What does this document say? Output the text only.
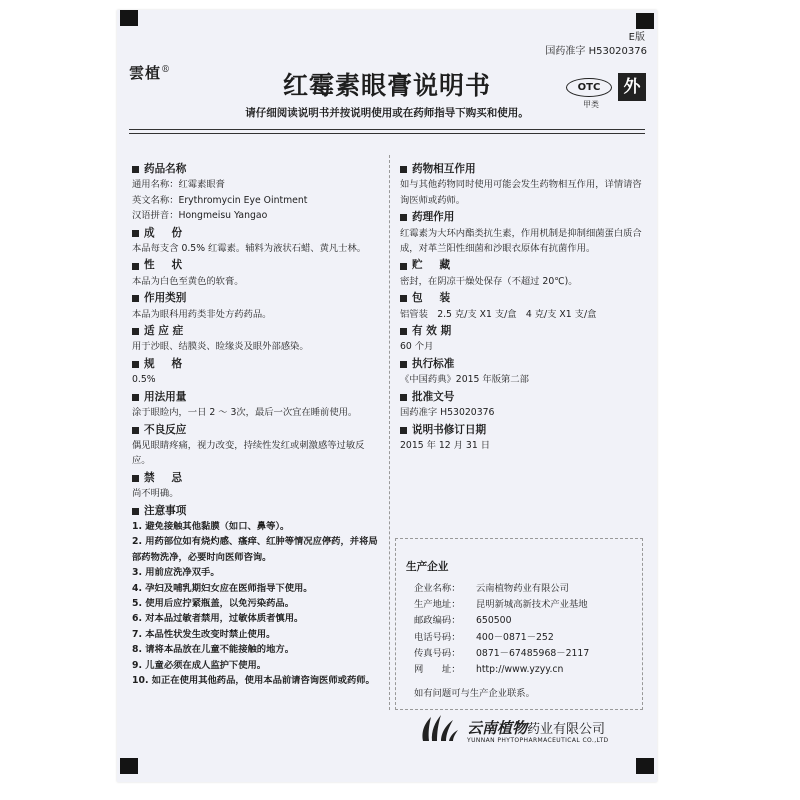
E版
国药准字 H53020376
雲植®
红霉素眼膏说明书	OTC
甲类
外
请仔细阅读说明书并按说明使用或在药师指导下购买和使用。
药品名称
通用名称：红霉素眼膏
英文名称：Erythromycin Eye Ointment
汉语拼音：Hongmeisu Yangao
成　份
本品每支含 0.5% 红霉素。辅料为液状石蜡、黄凡士林。
性　状
本品为白色至黄色的软膏。
作用类别
本品为眼科用药类非处方药药品。
适 应 症
用于沙眼、结膜炎、睑缘炎及眼外部感染。
规　格
0.5%
用法用量
涂于眼睑内，一日 2 ～ 3次，最后一次宜在睡前使用。
不良反应
偶见眼睛疼痛，视力改变，持续性发红或刺激感等过敏反应。
禁　忌
尚不明确。
注意事项
1. 避免接触其他黏膜（如口、鼻等）。
2. 用药部位如有烧灼感、瘙痒、红肿等情况应停药，并将局部药物洗净，必要时向医师咨询。
3. 用前应洗净双手。
4. 孕妇及哺乳期妇女应在医师指导下使用。
5. 使用后应拧紧瓶盖，以免污染药品。
6. 对本品过敏者禁用，过敏体质者慎用。
7. 本品性状发生改变时禁止使用。
8. 请将本品放在儿童不能接触的地方。
9. 儿童必须在成人监护下使用。
10. 如正在使用其他药品，使用本品前请咨询医师或药师。
药物相互作用
如与其他药物同时使用可能会发生药物相互作用，详情请咨询医师或药师。
药理作用
红霉素为大环内酯类抗生素，作用机制是抑制细菌蛋白质合成，对革兰阳性细菌和沙眼衣原体有抗菌作用。
贮　藏
密封，在阴凉干燥处保存（不超过 20℃)。
包　装
铝管装　2.5 克/支 X1 支/盒　4 克/支 X1 支/盒
有 效 期
60 个月
执行标准
《中国药典》2015 年版第二部
批准文号
国药准字 H53020376
说明书修订日期
2015 年 12 月 31 日
生产企业
企业名称：	云南植物药业有限公司
生产地址：	昆明新城高新技术产业基地
邮政编码：	650500
电话号码：	400－0871－252
传真号码：	0871－67485968－2117
网　　址：	http://www.yzyy.cn
如有问题可与生产企业联系。
云南植物药业有限公司
YUNNAN PHYTOPHARMACEUTICAL CO.,LTD
